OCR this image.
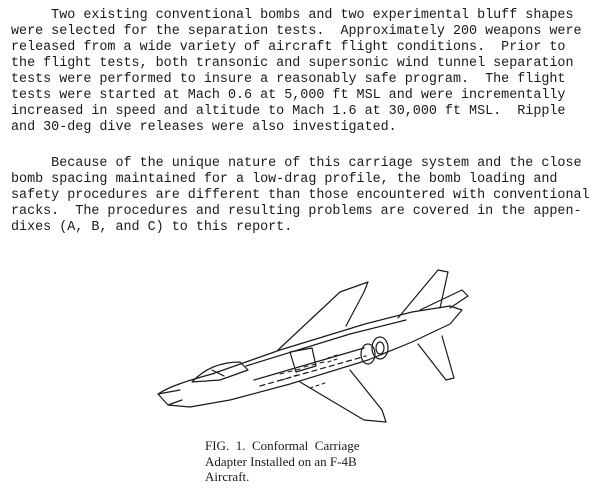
Two existing conventional bombs and two experimental bluff shapes
were selected for the separation tests.  Approximately 200 weapons were
released from a wide variety of aircraft flight conditions.  Prior to
the flight tests, both transonic and supersonic wind tunnel separation
tests were performed to insure a reasonably safe program.  The flight
tests were started at Mach 0.6 at 5,000 ft MSL and were incrementally
increased in speed and altitude to Mach 1.6 at 30,000 ft MSL.  Ripple
and 30-deg dive releases were also investigated.

Because of the unique nature of this carriage system and the close
bomb spacing maintained for a low-drag profile, the bomb loading and
safety procedures are different than those encountered with conventional
racks.  The procedures and resulting problems are covered in the appen-
dixes (A, B, and C) to this report.

FIG.  1.  Conformal  Carriage
Adapter Installed on an F-4B
Aircraft.
